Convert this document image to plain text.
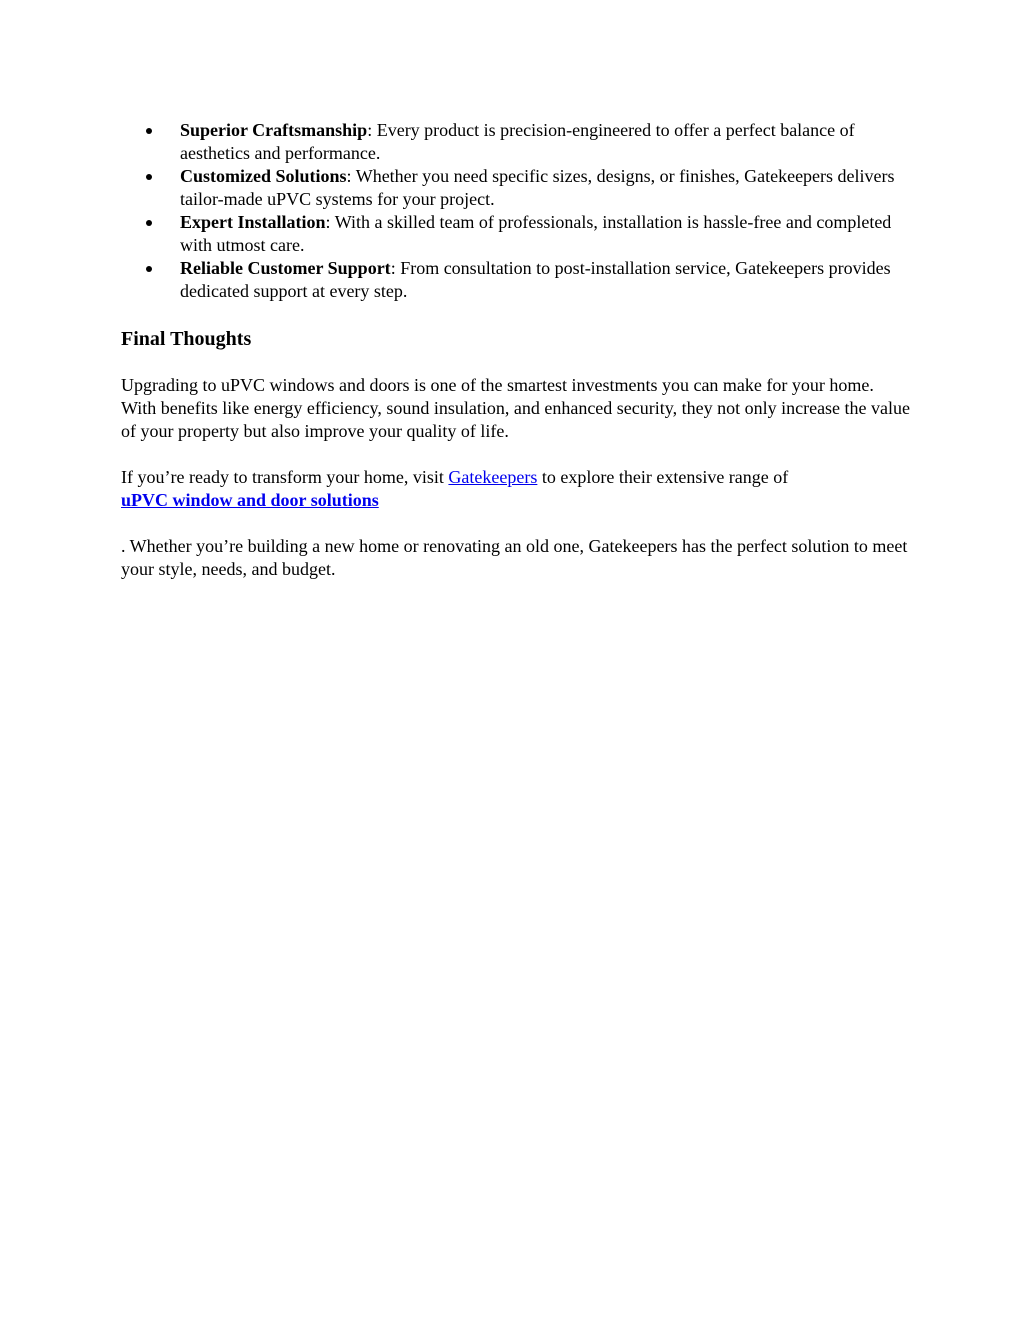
Superior Craftsmanship: Every product is precision-engineered to offer a perfect balance of aesthetics and performance.
Customized Solutions: Whether you need specific sizes, designs, or finishes, Gatekeepers delivers tailor-made uPVC systems for your project.
Expert Installation: With a skilled team of professionals, installation is hassle-free and completed with utmost care.
Reliable Customer Support: From consultation to post-installation service, Gatekeepers provides dedicated support at every step.
Final Thoughts

Upgrading to uPVC windows and doors is one of the smartest investments you can make for your home. With benefits like energy efficiency, sound insulation, and enhanced security, they not only increase the value of your property but also improve your quality of life.

If you’re ready to transform your home, visit Gatekeepers to explore their extensive range of
uPVC window and door solutions

. Whether you’re building a new home or renovating an old one, Gatekeepers has the perfect solution to meet your style, needs, and budget.
